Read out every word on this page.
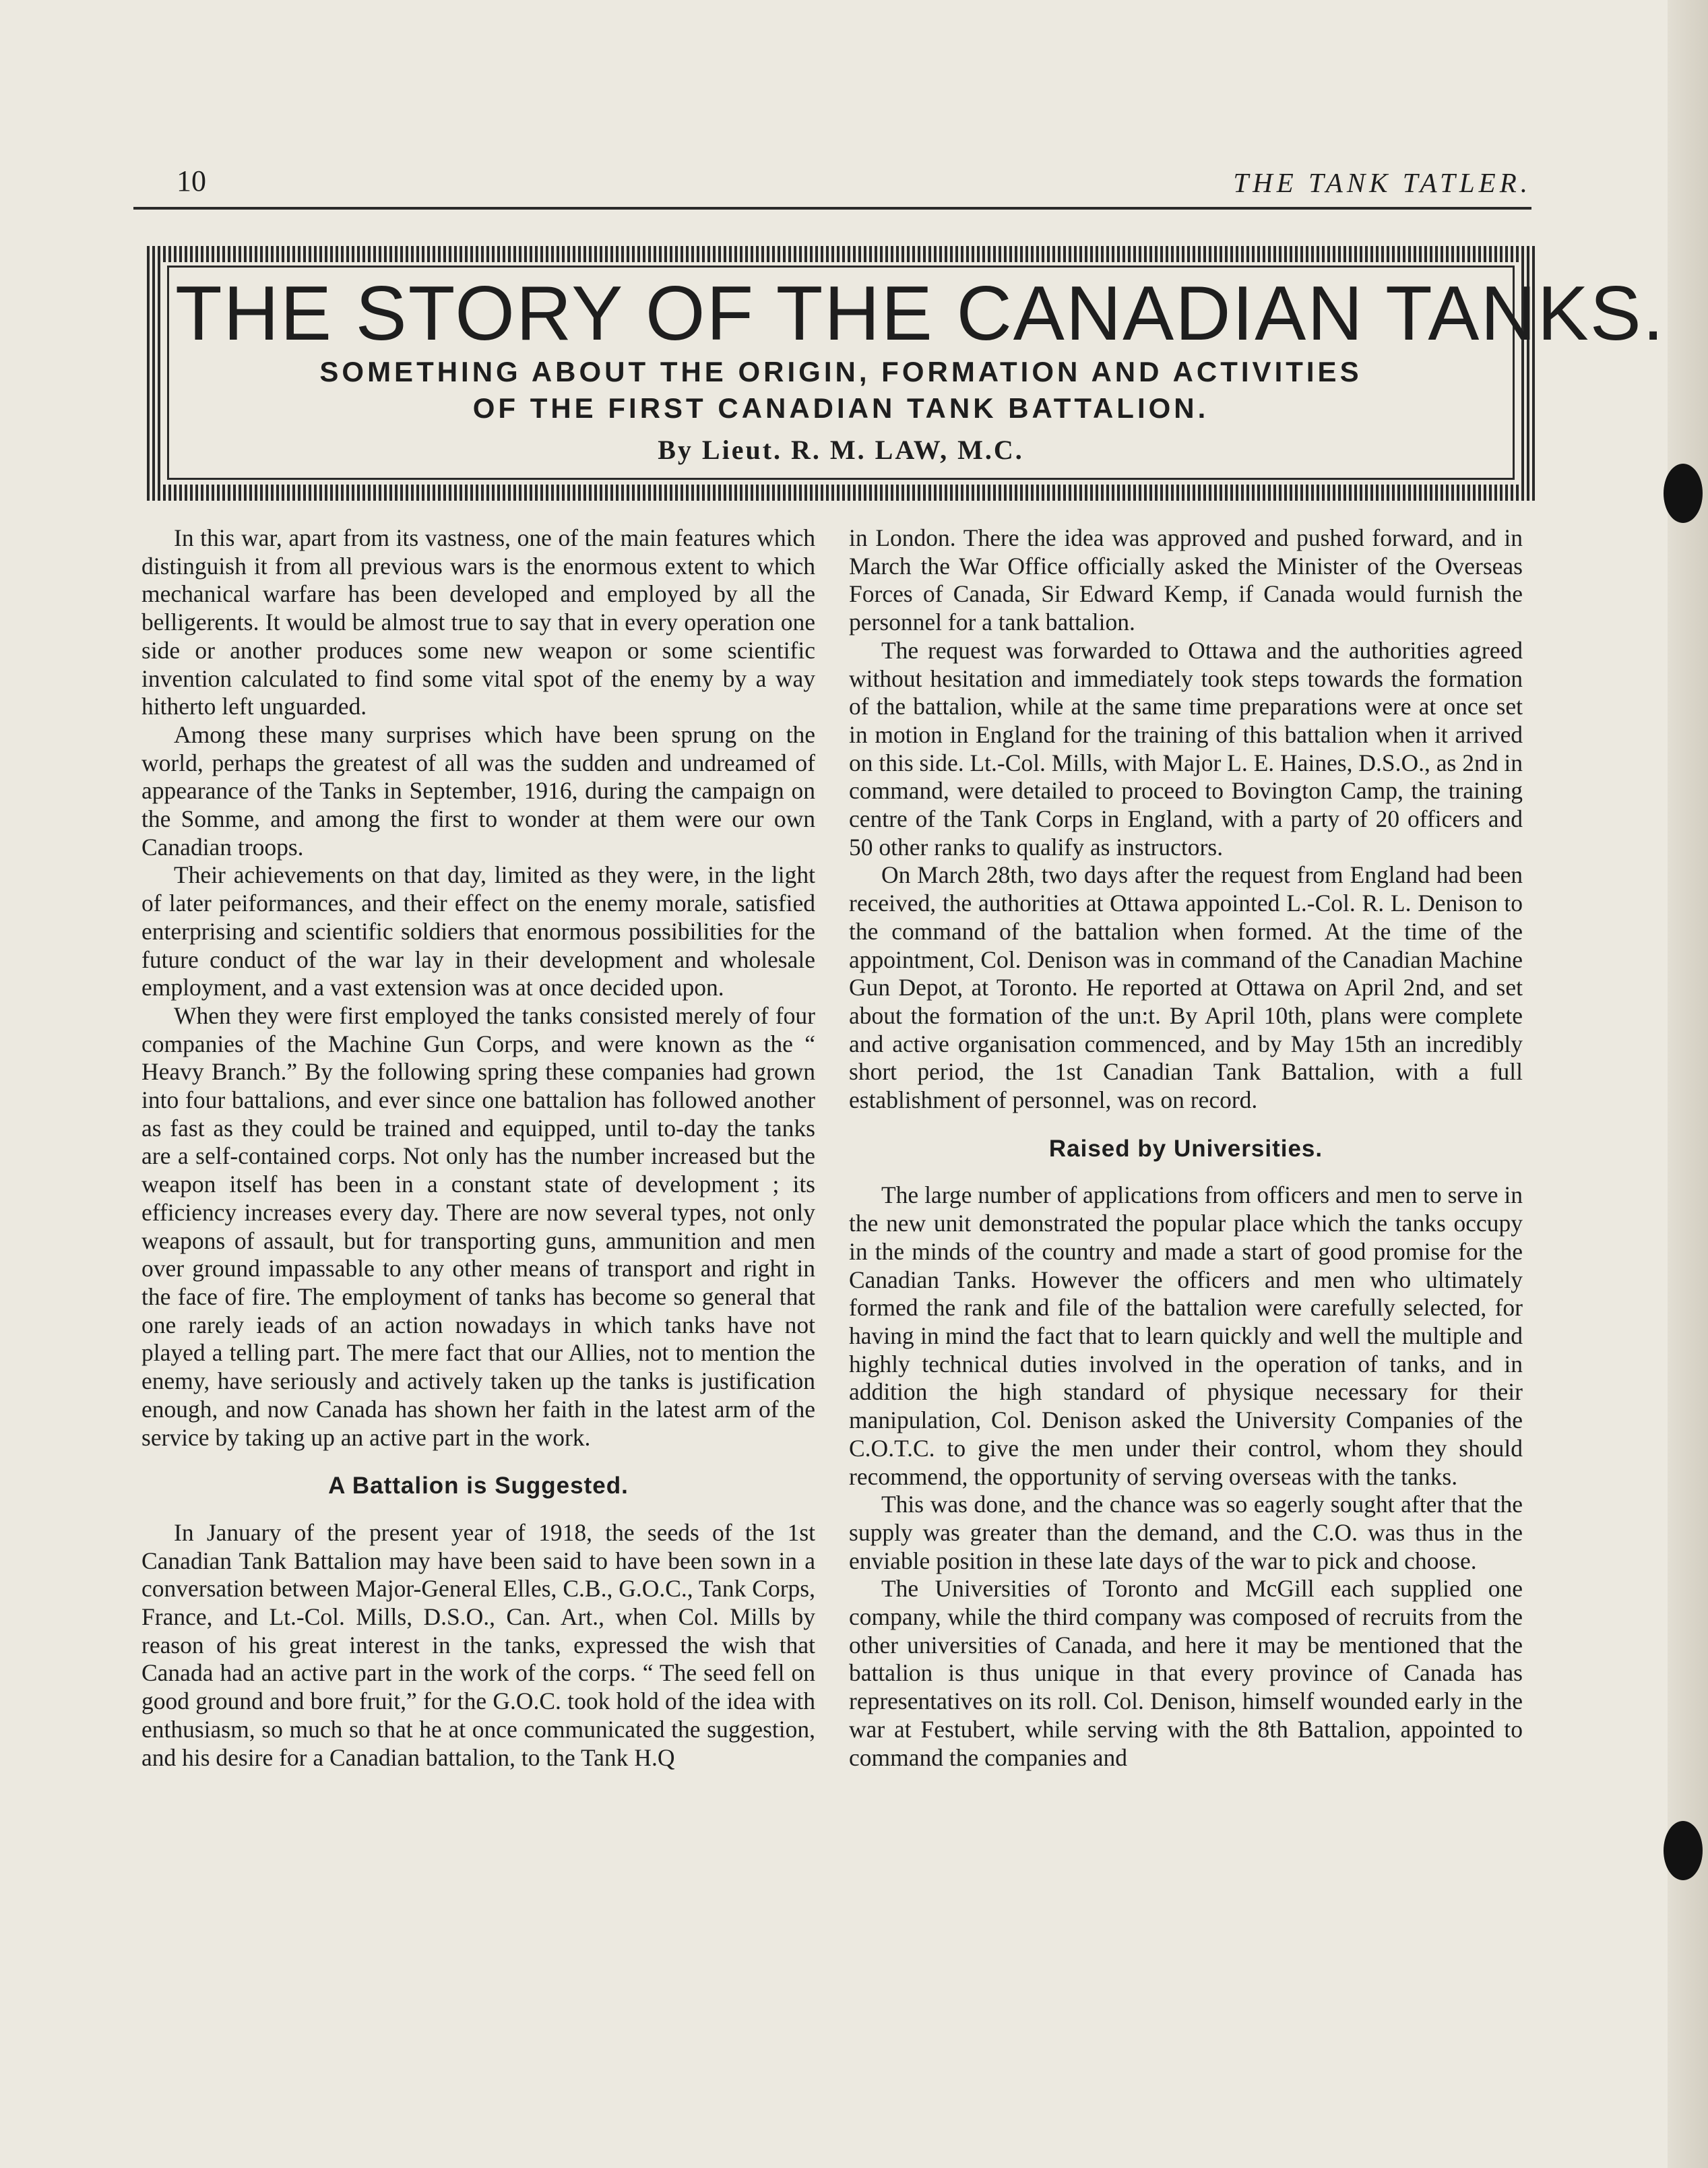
10	THE TANK TATLER.
THE STORY OF THE CANADIAN TANKS.
SOMETHING ABOUT THE ORIGIN, FORMATION AND ACTIVITIES
OF THE FIRST CANADIAN TANK BATTALION.
By Lieut. R. M. LAW, M.C.

In this war, apart from its vastness, one of the main features which distinguish it from all previous wars is the enormous extent to which mechanical warfare has been developed and employed by all the belligerents. It would be almost true to say that in every operation one side or another produces some new weapon or some scientific invention calculated to find some vital spot of the enemy by a way hitherto left unguarded.

Among these many surprises which have been sprung on the world, perhaps the greatest of all was the sudden and undreamed of appearance of the Tanks in September, 1916, during the campaign on the Somme, and among the first to wonder at them were our own Canadian troops.

Their achievements on that day, limited as they were, in the light of later peiformances, and their effect on the enemy morale, satisfied enterprising and scientific soldiers that enormous possibilities for the future conduct of the war lay in their development and wholesale employment, and a vast extension was at once decided upon.

When they were first employed the tanks consisted merely of four companies of the Machine Gun Corps, and were known as the “ Heavy Branch.” By the following spring these companies had grown into four battalions, and ever since one battalion has followed another as fast as they could be trained and equipped, until to-day the tanks are a self-contained corps. Not only has the number increased but the weapon itself has been in a constant state of development ; its efficiency increases every day. There are now several types, not only weapons of assault, but for transporting guns, ammunition and men over ground impassable to any other means of transport and right in the face of fire. The employment of tanks has become so general that one rarely ieads of an action nowadays in which tanks have not played a telling part. The mere fact that our Allies, not to mention the enemy, have seriously and actively taken up the tanks is justification enough, and now Canada has shown her faith in the latest arm of the service by taking up an active part in the work.

A Battalion is Suggested.

In January of the present year of 1918, the seeds of the 1st Canadian Tank Battalion may have been said to have been sown in a conversation between Major-General Elles, C.B., G.O.C., Tank Corps, France, and Lt.-Col. Mills, D.S.O., Can. Art., when Col. Mills by reason of his great interest in the tanks, expressed the wish that Canada had an active part in the work of the corps. “ The seed fell on good ground and bore fruit,” for the G.O.C. took hold of the idea with enthusiasm, so much so that he at once communicated the suggestion, and his desire for a Canadian battalion, to the Tank H.Q

in London. There the idea was approved and pushed forward, and in March the War Office officially asked the Minister of the Overseas Forces of Canada, Sir Edward Kemp, if Canada would furnish the personnel for a tank battalion.

The request was forwarded to Ottawa and the authorities agreed without hesitation and immediately took steps towards the formation of the battalion, while at the same time preparations were at once set in motion in England for the training of this battalion when it arrived on this side. Lt.-Col. Mills, with Major L. E. Haines, D.S.O., as 2nd in command, were detailed to proceed to Bovington Camp, the training centre of the Tank Corps in England, with a party of 20 officers and 50 other ranks to qualify as instructors.

On March 28th, two days after the request from England had been received, the authorities at Ottawa appointed L.-Col. R. L. Denison to the command of the battalion when formed. At the time of the appointment, Col. Denison was in command of the Canadian Machine Gun Depot, at Toronto. He reported at Ottawa on April 2nd, and set about the formation of the un:t. By April 10th, plans were complete and active organisation commenced, and by May 15th an incredibly short period, the 1st Canadian Tank Battalion, with a full establishment of personnel, was on record.

Raised by Universities.

The large number of applications from officers and men to serve in the new unit demonstrated the popular place which the tanks occupy in the minds of the country and made a start of good promise for the Canadian Tanks. However the officers and men who ultimately formed the rank and file of the battalion were carefully selected, for having in mind the fact that to learn quickly and well the multiple and highly technical duties involved in the operation of tanks, and in addition the high standard of physique necessary for their manipulation, Col. Denison asked the University Companies of the C.O.T.C. to give the men under their control, whom they should recommend, the opportunity of serving overseas with the tanks.

This was done, and the chance was so eagerly sought after that the supply was greater than the demand, and the C.O. was thus in the enviable position in these late days of the war to pick and choose.

The Universities of Toronto and McGill each supplied one company, while the third company was composed of recruits from the other universities of Canada, and here it may be mentioned that the battalion is thus unique in that every province of Canada has representatives on its roll. Col. Denison, himself wounded early in the war at Festubert, while serving with the 8th Battalion, appointed to command the companies and
